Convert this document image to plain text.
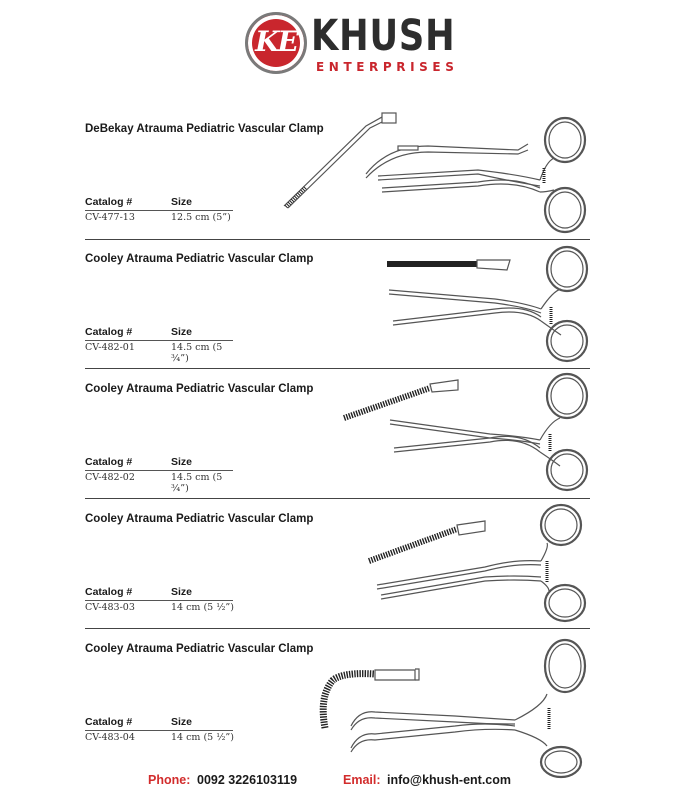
KE KHUSH
ENTERPRISES
DeBekay Atrauma Pediatric Vascular Clamp
Catalog #	Size
CV-477-13	12.5 cm (5”)
Cooley Atrauma Pediatric Vascular Clamp
Catalog #	Size
CV-482-01	14.5 cm (5 ¾”)
Cooley Atrauma Pediatric Vascular Clamp
Catalog #	Size
CV-482-02	14.5 cm (5 ¾”)
Cooley Atrauma Pediatric Vascular Clamp
Catalog #	Size
CV-483-03	14 cm (5 ½”)
Cooley Atrauma Pediatric Vascular Clamp
Catalog #	Size
CV-483-04	14 cm (5 ½”)
Phone: 0092 3226103119	Email: info@khush-ent.com
